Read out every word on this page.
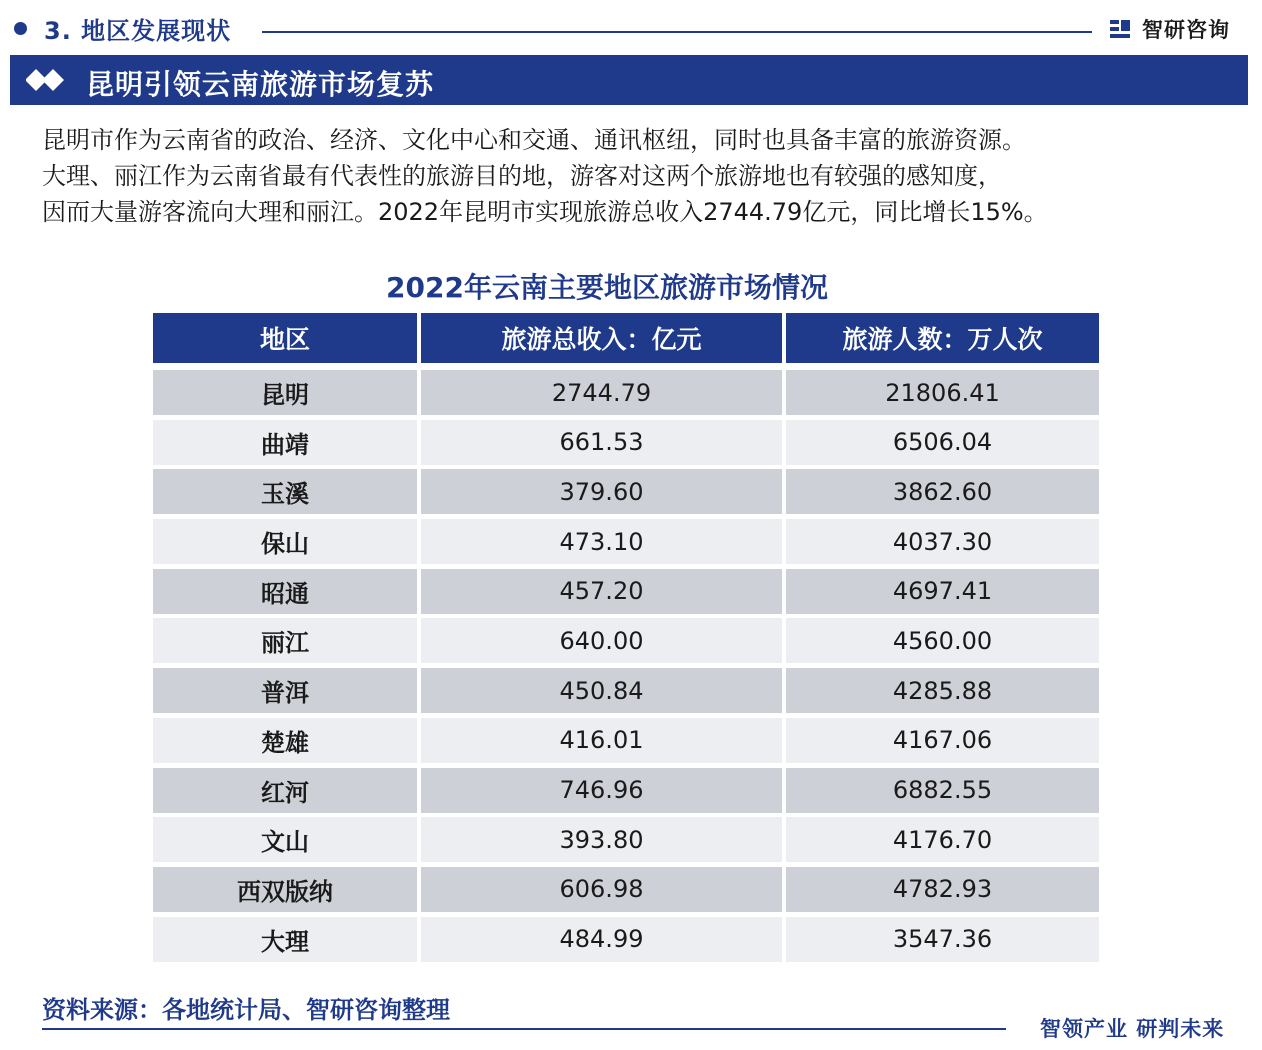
3. 地区发展现状	智研咨询
昆明引领云南旅游市场复苏
昆明市作为云南省的政治、经济、文化中心和交通、通讯枢纽，同时也具备丰富的旅游资源。
大理、丽江作为云南省最有代表性的旅游目的地，游客对这两个旅游地也有较强的感知度，
因而大量游客流向大理和丽江。2022年昆明市实现旅游总收入2744.79亿元，同比增长15%。
2022年云南主要地区旅游市场情况
地区	旅游总收入：亿元	旅游人数：万人次
昆明	2744.79	21806.41
曲靖	661.53	6506.04
玉溪	379.60	3862.60
保山	473.10	4037.30
昭通	457.20	4697.41
丽江	640.00	4560.00
普洱	450.84	4285.88
楚雄	416.01	4167.06
红河	746.96	6882.55
文山	393.80	4176.70
西双版纳	606.98	4782.93
大理	484.99	3547.36
资料来源：各地统计局、智研咨询整理
智领产业 研判未来
